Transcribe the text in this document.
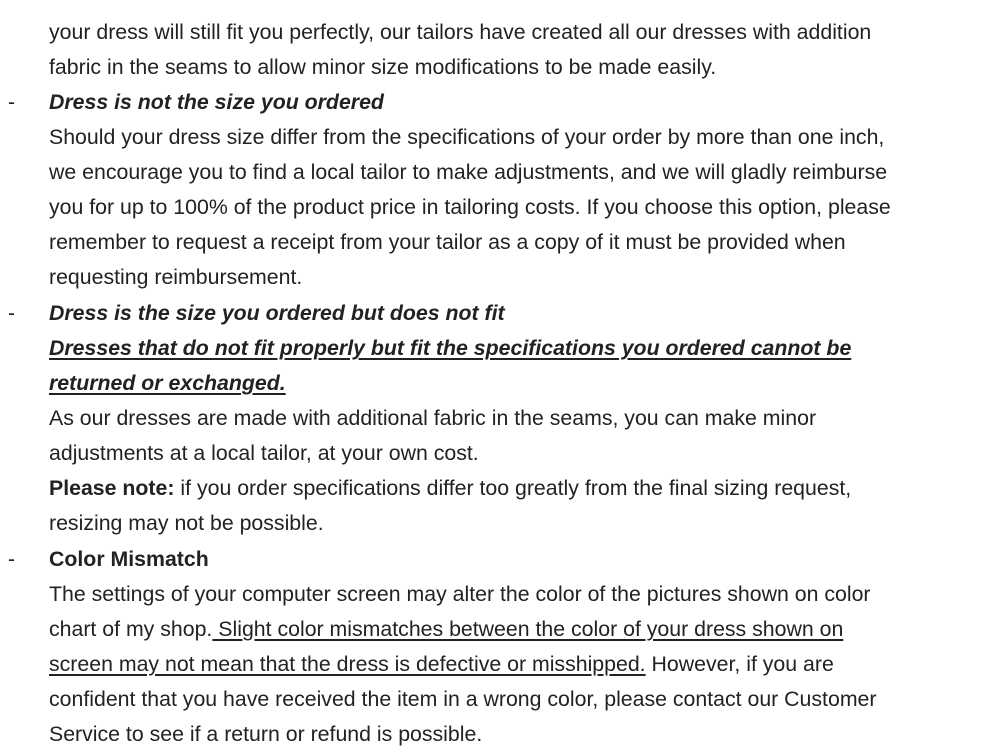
your dress will still fit you perfectly, our tailors have created all our dresses with addition
fabric in the seams to allow minor size modifications to be made easily.
- Dress is not the size you ordered
Should your dress size differ from the specifications of your order by more than one inch,
we encourage you to find a local tailor to make adjustments, and we will gladly reimburse
you for up to 100% of the product price in tailoring costs. If you choose this option, please
remember to request a receipt from your tailor as a copy of it must be provided when
requesting reimbursement.
- Dress is the size you ordered but does not fit
Dresses that do not fit properly but fit the specifications you ordered cannot be
returned or exchanged.
As our dresses are made with additional fabric in the seams, you can make minor
adjustments at a local tailor, at your own cost.
Please note: if you order specifications differ too greatly from the final sizing request,
resizing may not be possible.
- Color Mismatch
The settings of your computer screen may alter the color of the pictures shown on color
chart of my shop. Slight color mismatches between the color of your dress shown on
screen may not mean that the dress is defective or misshipped. However, if you are
confident that you have received the item in a wrong color, please contact our Customer
Service to see if a return or refund is possible.
